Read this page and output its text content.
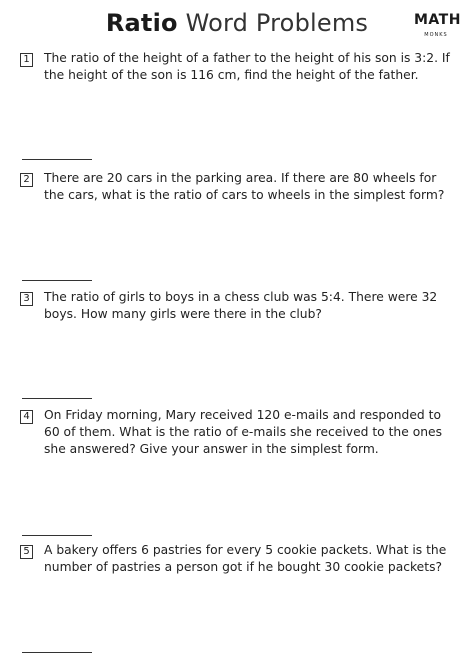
Ratio Word Problems	MATH
MONKS
1 The ratio of the height of a father to the height of his son is 3:2. If the height of the son is 116 cm, find the height of the father.
2 There are 20 cars in the parking area. If there are 80 wheels for the cars, what is the ratio of cars to wheels in the simplest form?
3 The ratio of girls to boys in a chess club was 5:4. There were 32 boys. How many girls were there in the club?
4 On Friday morning, Mary received 120 e-mails and responded to 60 of them. What is the ratio of e-mails she received to the ones she answered? Give your answer in the simplest form.
5 A bakery offers 6 pastries for every 5 cookie packets. What is the number of pastries a person got if he bought 30 cookie packets?
